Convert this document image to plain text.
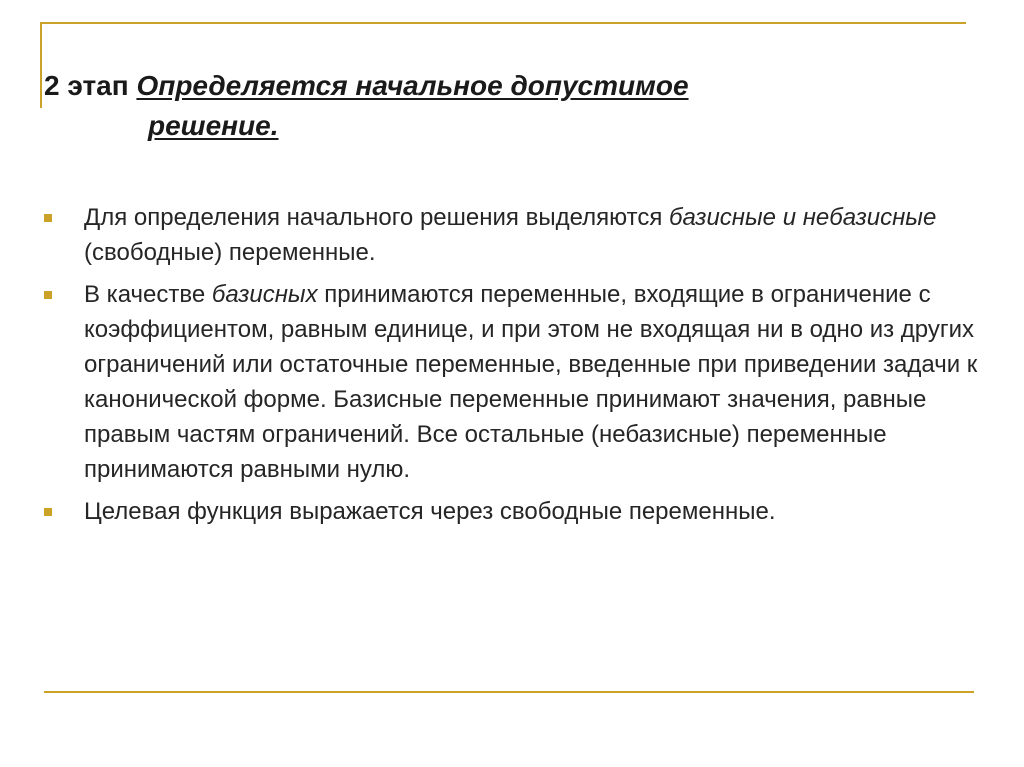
2 этап Определяется начальное допустимое
решение.
Для определения начального решения выделяются базисные и небазисные (свободные) переменные.
В качестве базисных принимаются переменные, входящие в ограничение с коэффициентом, равным единице, и при этом не входящая ни в одно из других ограничений или остаточные переменные, введенные при приведении задачи к канонической форме. Базисные переменные принимают значения, равные правым частям ограничений. Все остальные (небазисные) переменные принимаются равными нулю.
Целевая функция выражается через свободные переменные.
